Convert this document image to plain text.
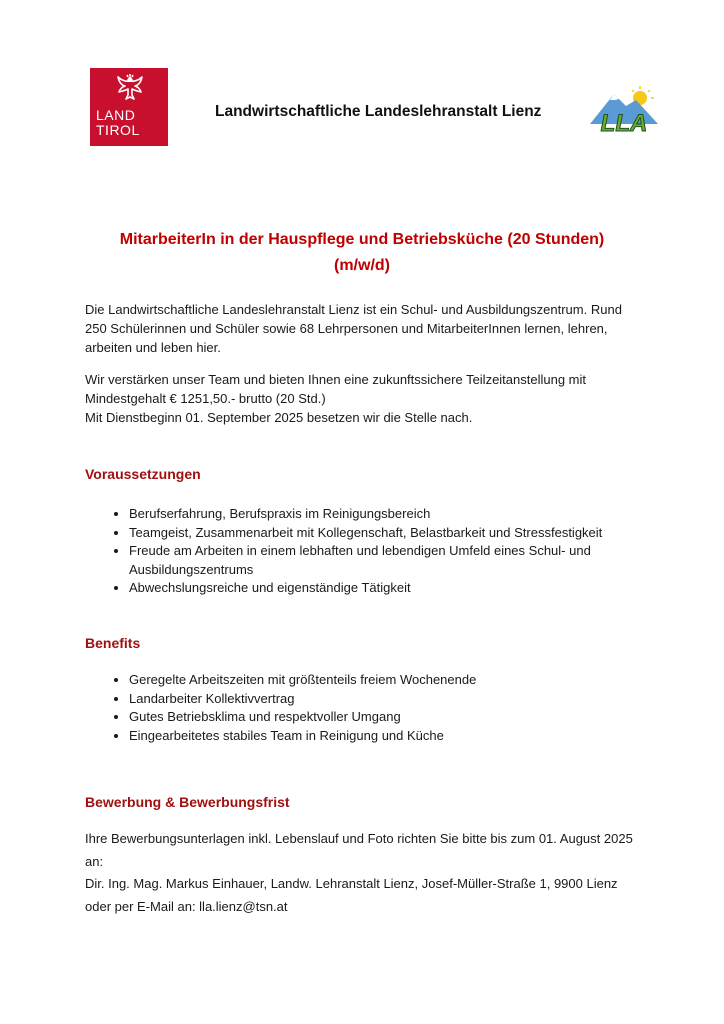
LAND
TIROL
Landwirtschaftliche Landeslehranstalt Lienz LLA
MitarbeiterIn in der Hauspflege und Betriebsküche (20 Stunden)
(m/w/d)
Die Landwirtschaftliche Landeslehranstalt Lienz ist ein Schul- und Ausbildungszentrum. Rund 250 Schülerinnen und Schüler sowie 68 Lehrpersonen und MitarbeiterInnen lernen, lehren, arbeiten und leben hier.
Wir verstärken unser Team und bieten Ihnen eine zukunftssichere Teilzeitanstellung mit Mindestgehalt € 1251,50.- brutto (20 Std.)
Mit Dienstbeginn 01. September 2025 besetzen wir die Stelle nach.
Voraussetzungen
• Berufserfahrung, Berufspraxis im Reinigungsbereich
• Teamgeist, Zusammenarbeit mit Kollegenschaft, Belastbarkeit und Stressfestigkeit
• Freude am Arbeiten in einem lebhaften und lebendigen Umfeld eines Schul- und Ausbildungszentrums
• Abwechslungsreiche und eigenständige Tätigkeit
Benefits
• Geregelte Arbeitszeiten mit größtenteils freiem Wochenende
• Landarbeiter Kollektivvertrag
• Gutes Betriebsklima und respektvoller Umgang
• Eingearbeitetes stabiles Team in Reinigung und Küche
Bewerbung & Bewerbungsfrist
Ihre Bewerbungsunterlagen inkl. Lebenslauf und Foto richten Sie bitte bis zum 01. August 2025 an:
Dir. Ing. Mag. Markus Einhauer, Landw. Lehranstalt Lienz, Josef-Müller-Straße 1, 9900 Lienz
oder per E-Mail an: lla.lienz@tsn.at
